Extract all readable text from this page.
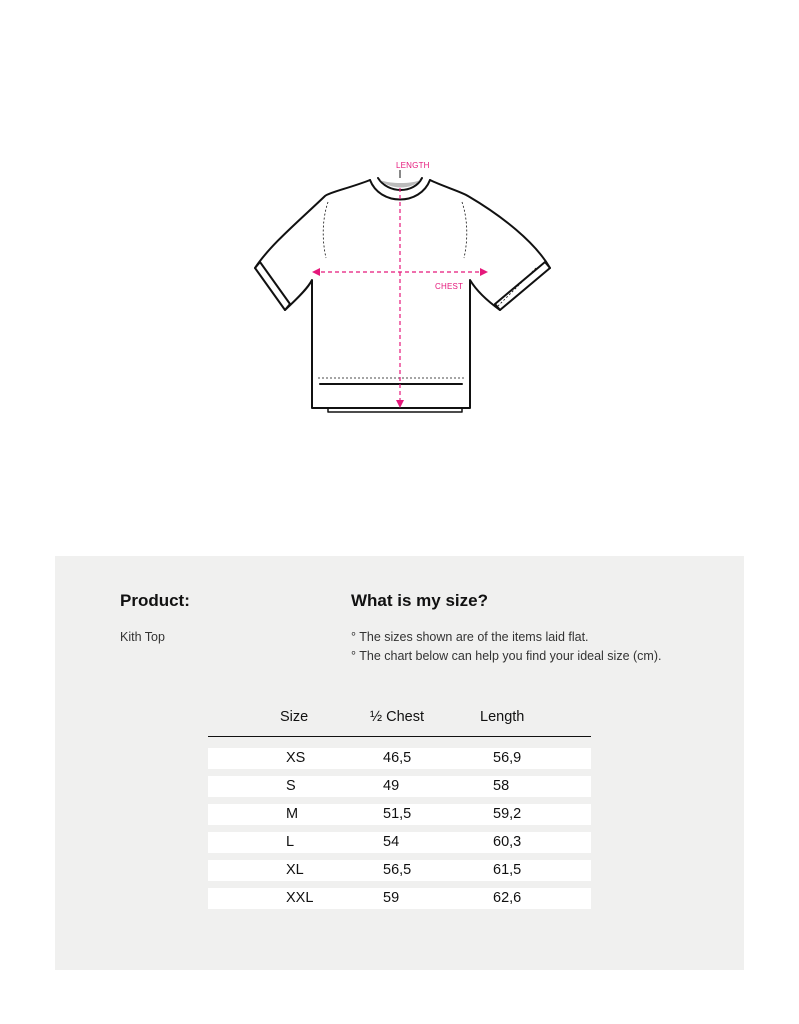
LENGTH
CHEST
Product:
Kith Top
What is my size?
° The sizes shown are of the items laid flat.
° The chart below can help you find your ideal size (cm).
Size	½ Chest	Length
XS	46,5	56,9
S	49	58
M	51,5	59,2
L	54	60,3
XL	56,5	61,5
XXL	59	62,6
